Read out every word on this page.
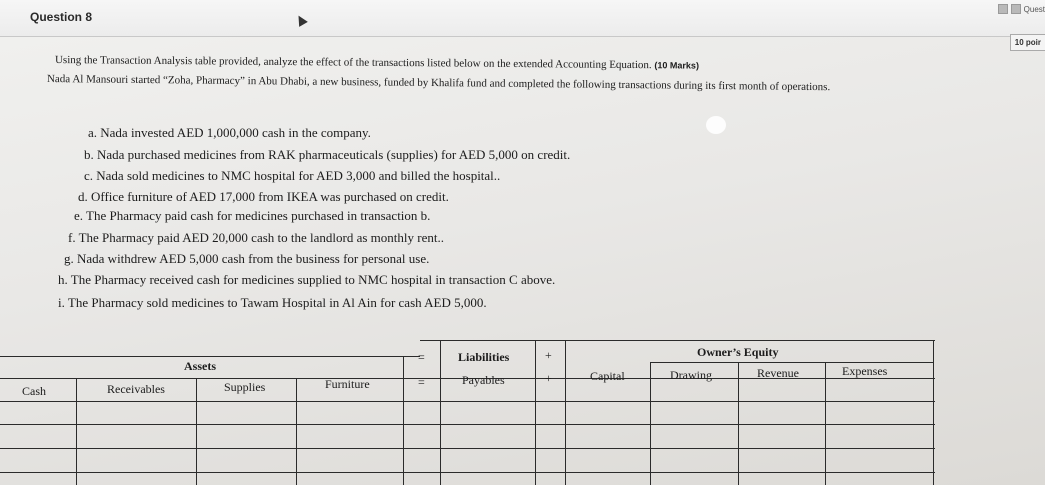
Question 8
Quest
10 poir
Using the Transaction Analysis table provided, analyze the effect of the transactions listed below on the extended Accounting Equation. (10 Marks)
Nada Al Mansouri started “Zoha, Pharmacy” in Abu Dhabi, a new business, funded by Khalifa fund and completed the following transactions during its first month of operations.
a. Nada invested AED 1,000,000 cash in the company.
b. Nada purchased medicines from RAK pharmaceuticals (supplies) for AED 5,000 on credit.
c. Nada sold medicines to NMC hospital for AED 3,000 and billed the hospital..
d. Office furniture of AED 17,000 from IKEA was purchased on credit.
e. The Pharmacy paid cash for medicines purchased in transaction b.
f. The Pharmacy paid AED 20,000 cash to the landlord as monthly rent..
g. Nada withdrew AED 5,000 cash from the business for personal use.
h. The Pharmacy received cash for medicines supplied to NMC hospital in transaction C above.
i. The Pharmacy sold medicines to Tawam Hospital in Al Ain for cash AED 5,000.
Assets
=	Liabilities	+	Owner’s Equity
Cash	Receivables	Supplies	Furniture	=	Payables	+	Capital	Drawing	Revenue	Expenses
